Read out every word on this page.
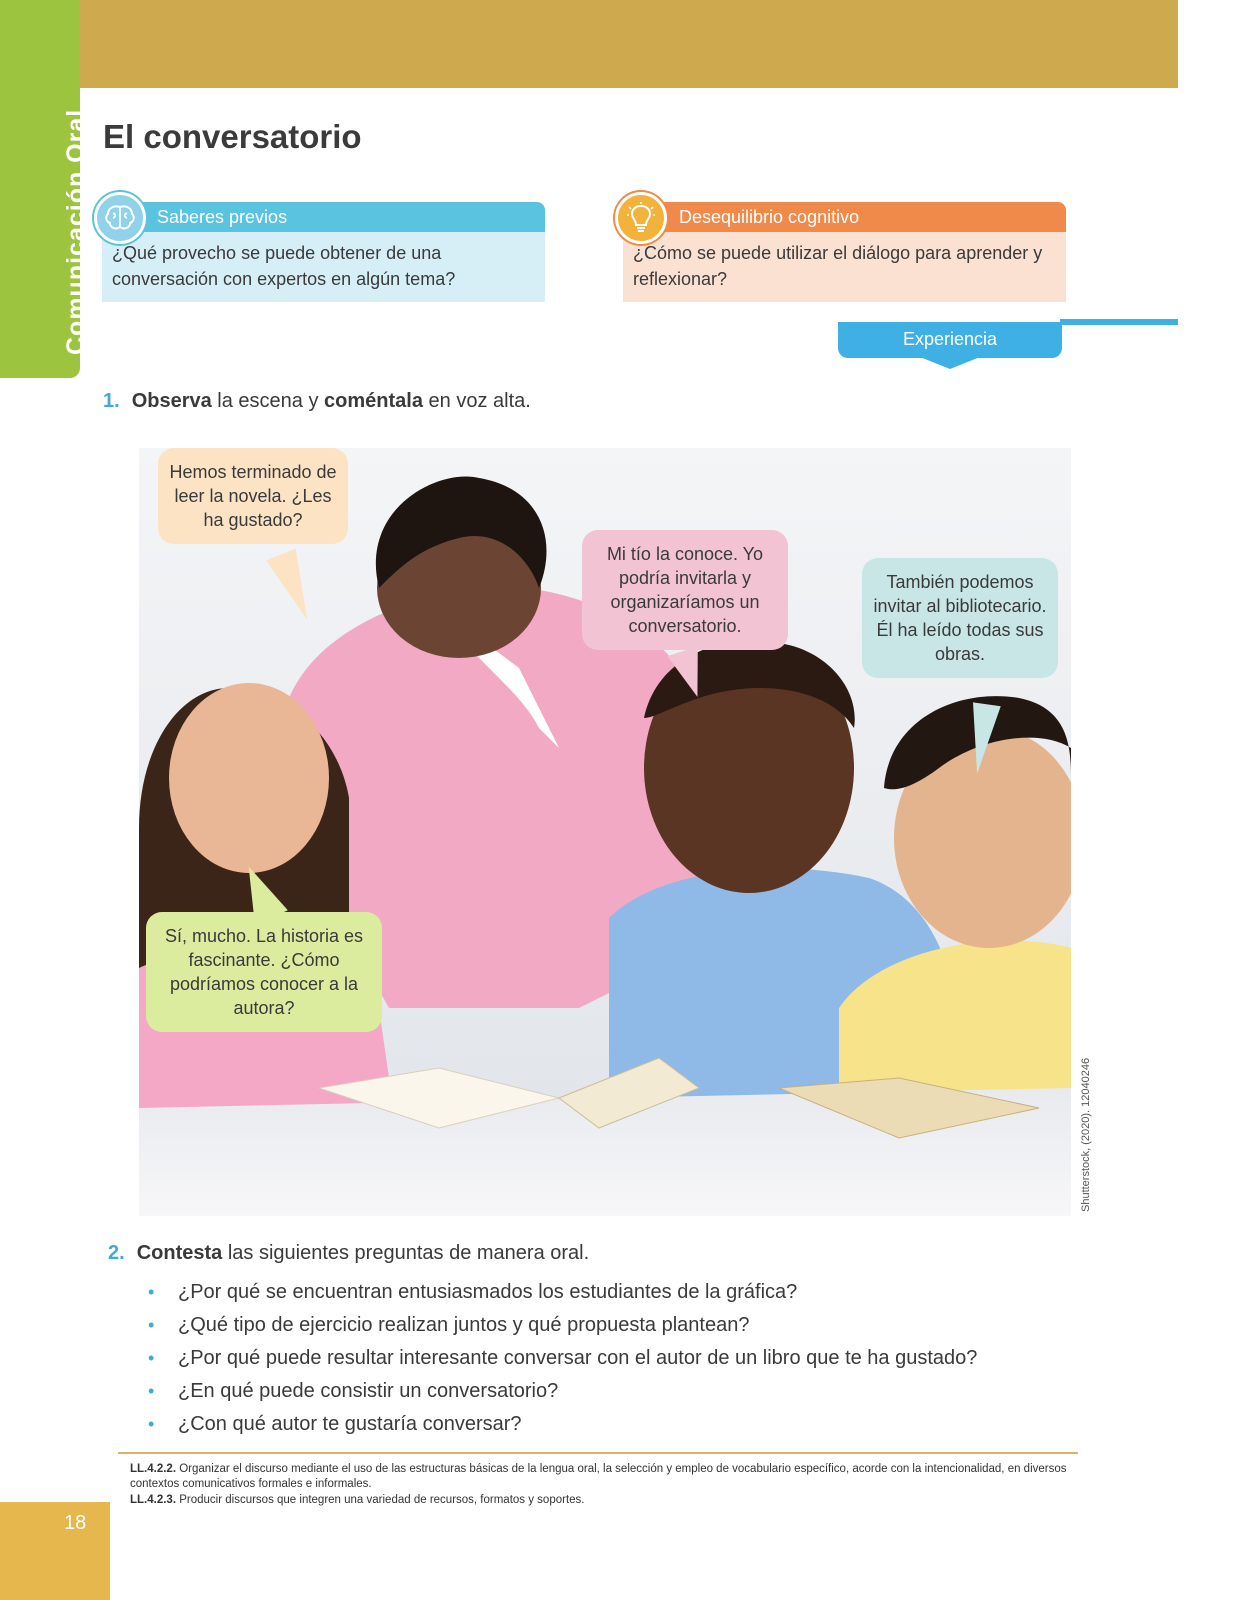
Comunicación Oral El conversatorio
Saberes previos
¿Qué provecho se puede obtener de una conversación con expertos en algún tema?
Desequilibrio cognitivo
¿Cómo se puede utilizar el diálogo para aprender y reflexionar?
Experiencia
1. Observa la escena y coméntala en voz alta.
Hemos terminado de leer la novela. ¿Les ha gustado?
Mi tío la conoce. Yo podría invitarla y organizaríamos un conversatorio.
También podemos invitar al bibliotecario. Él ha leído todas sus obras.
Sí, mucho. La historia es fascinante. ¿Cómo podríamos conocer a la autora?
Shutterstock, (2020). 12040246
2. Contesta las siguientes preguntas de manera oral.
• ¿Por qué se encuentran entusiasmados los estudiantes de la gráfica?
• ¿Qué tipo de ejercicio realizan juntos y qué propuesta plantean?
• ¿Por qué puede resultar interesante conversar con el autor de un libro que te ha gustado?
• ¿En qué puede consistir un conversatorio?
• ¿Con qué autor te gustaría conversar?

LL.4.2.2. Organizar el discurso mediante el uso de las estructuras básicas de la lengua oral, la selección y empleo de vocabulario específico, acorde con la intencionalidad, en diversos contextos comunicativos formales e informales.

LL.4.2.3. Producir discursos que integren una variedad de recursos, formatos y soportes.

18
